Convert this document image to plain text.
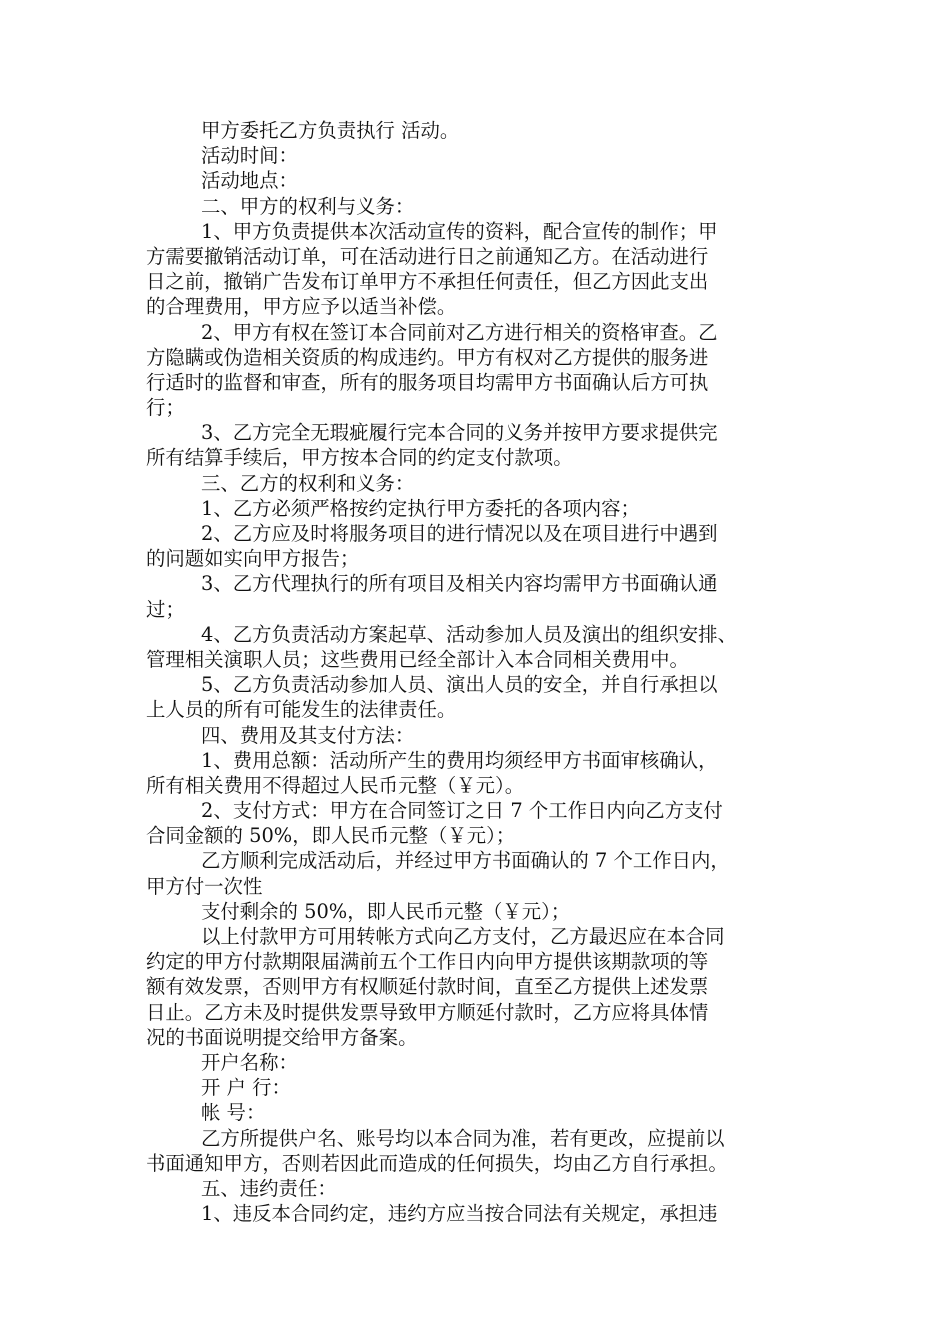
甲方委托乙方负责执行 活动。
活动时间：
活动地点：
二、甲方的权利与义务：
1、甲方负责提供本次活动宣传的资料，配合宣传的制作；甲
方需要撤销活动订单，可在活动进行日之前通知乙方。在活动进行
日之前，撤销广告发布订单甲方不承担任何责任，但乙方因此支出
的合理费用，甲方应予以适当补偿。
2、甲方有权在签订本合同前对乙方进行相关的资格审查。乙
方隐瞒或伪造相关资质的构成违约。甲方有权对乙方提供的服务进
行适时的监督和审查，所有的服务项目均需甲方书面确认后方可执
行；
3、乙方完全无瑕疵履行完本合同的义务并按甲方要求提供完
所有结算手续后，甲方按本合同的约定支付款项。
三、乙方的权利和义务：
1、乙方必须严格按约定执行甲方委托的各项内容；
2、乙方应及时将服务项目的进行情况以及在项目进行中遇到
的问题如实向甲方报告；
3、乙方代理执行的所有项目及相关内容均需甲方书面确认通
过；
4、乙方负责活动方案起草、活动参加人员及演出的组织安排、
管理相关演职人员；这些费用已经全部计入本合同相关费用中。
5、乙方负责活动参加人员、演出人员的安全，并自行承担以
上人员的所有可能发生的法律责任。
四、费用及其支付方法：
1、费用总额：活动所产生的费用均须经甲方书面审核确认，
所有相关费用不得超过人民币元整（￥元）。
2、支付方式：甲方在合同签订之日 7 个工作日内向乙方支付
合同金额的 50%，即人民币元整（￥元）；
乙方顺利完成活动后，并经过甲方书面确认的 7 个工作日内，
甲方付一次性
支付剩余的 50%，即人民币元整（￥元）；
以上付款甲方可用转帐方式向乙方支付，乙方最迟应在本合同
约定的甲方付款期限届满前五个工作日内向甲方提供该期款项的等
额有效发票，否则甲方有权顺延付款时间，直至乙方提供上述发票
日止。乙方未及时提供发票导致甲方顺延付款时，乙方应将具体情
况的书面说明提交给甲方备案。
开户名称：
开 户 行：
帐 号：
乙方所提供户名、账号均以本合同为准，若有更改，应提前以
书面通知甲方，否则若因此而造成的任何损失，均由乙方自行承担。
五、违约责任：
1、违反本合同约定，违约方应当按合同法有关规定，承担违
